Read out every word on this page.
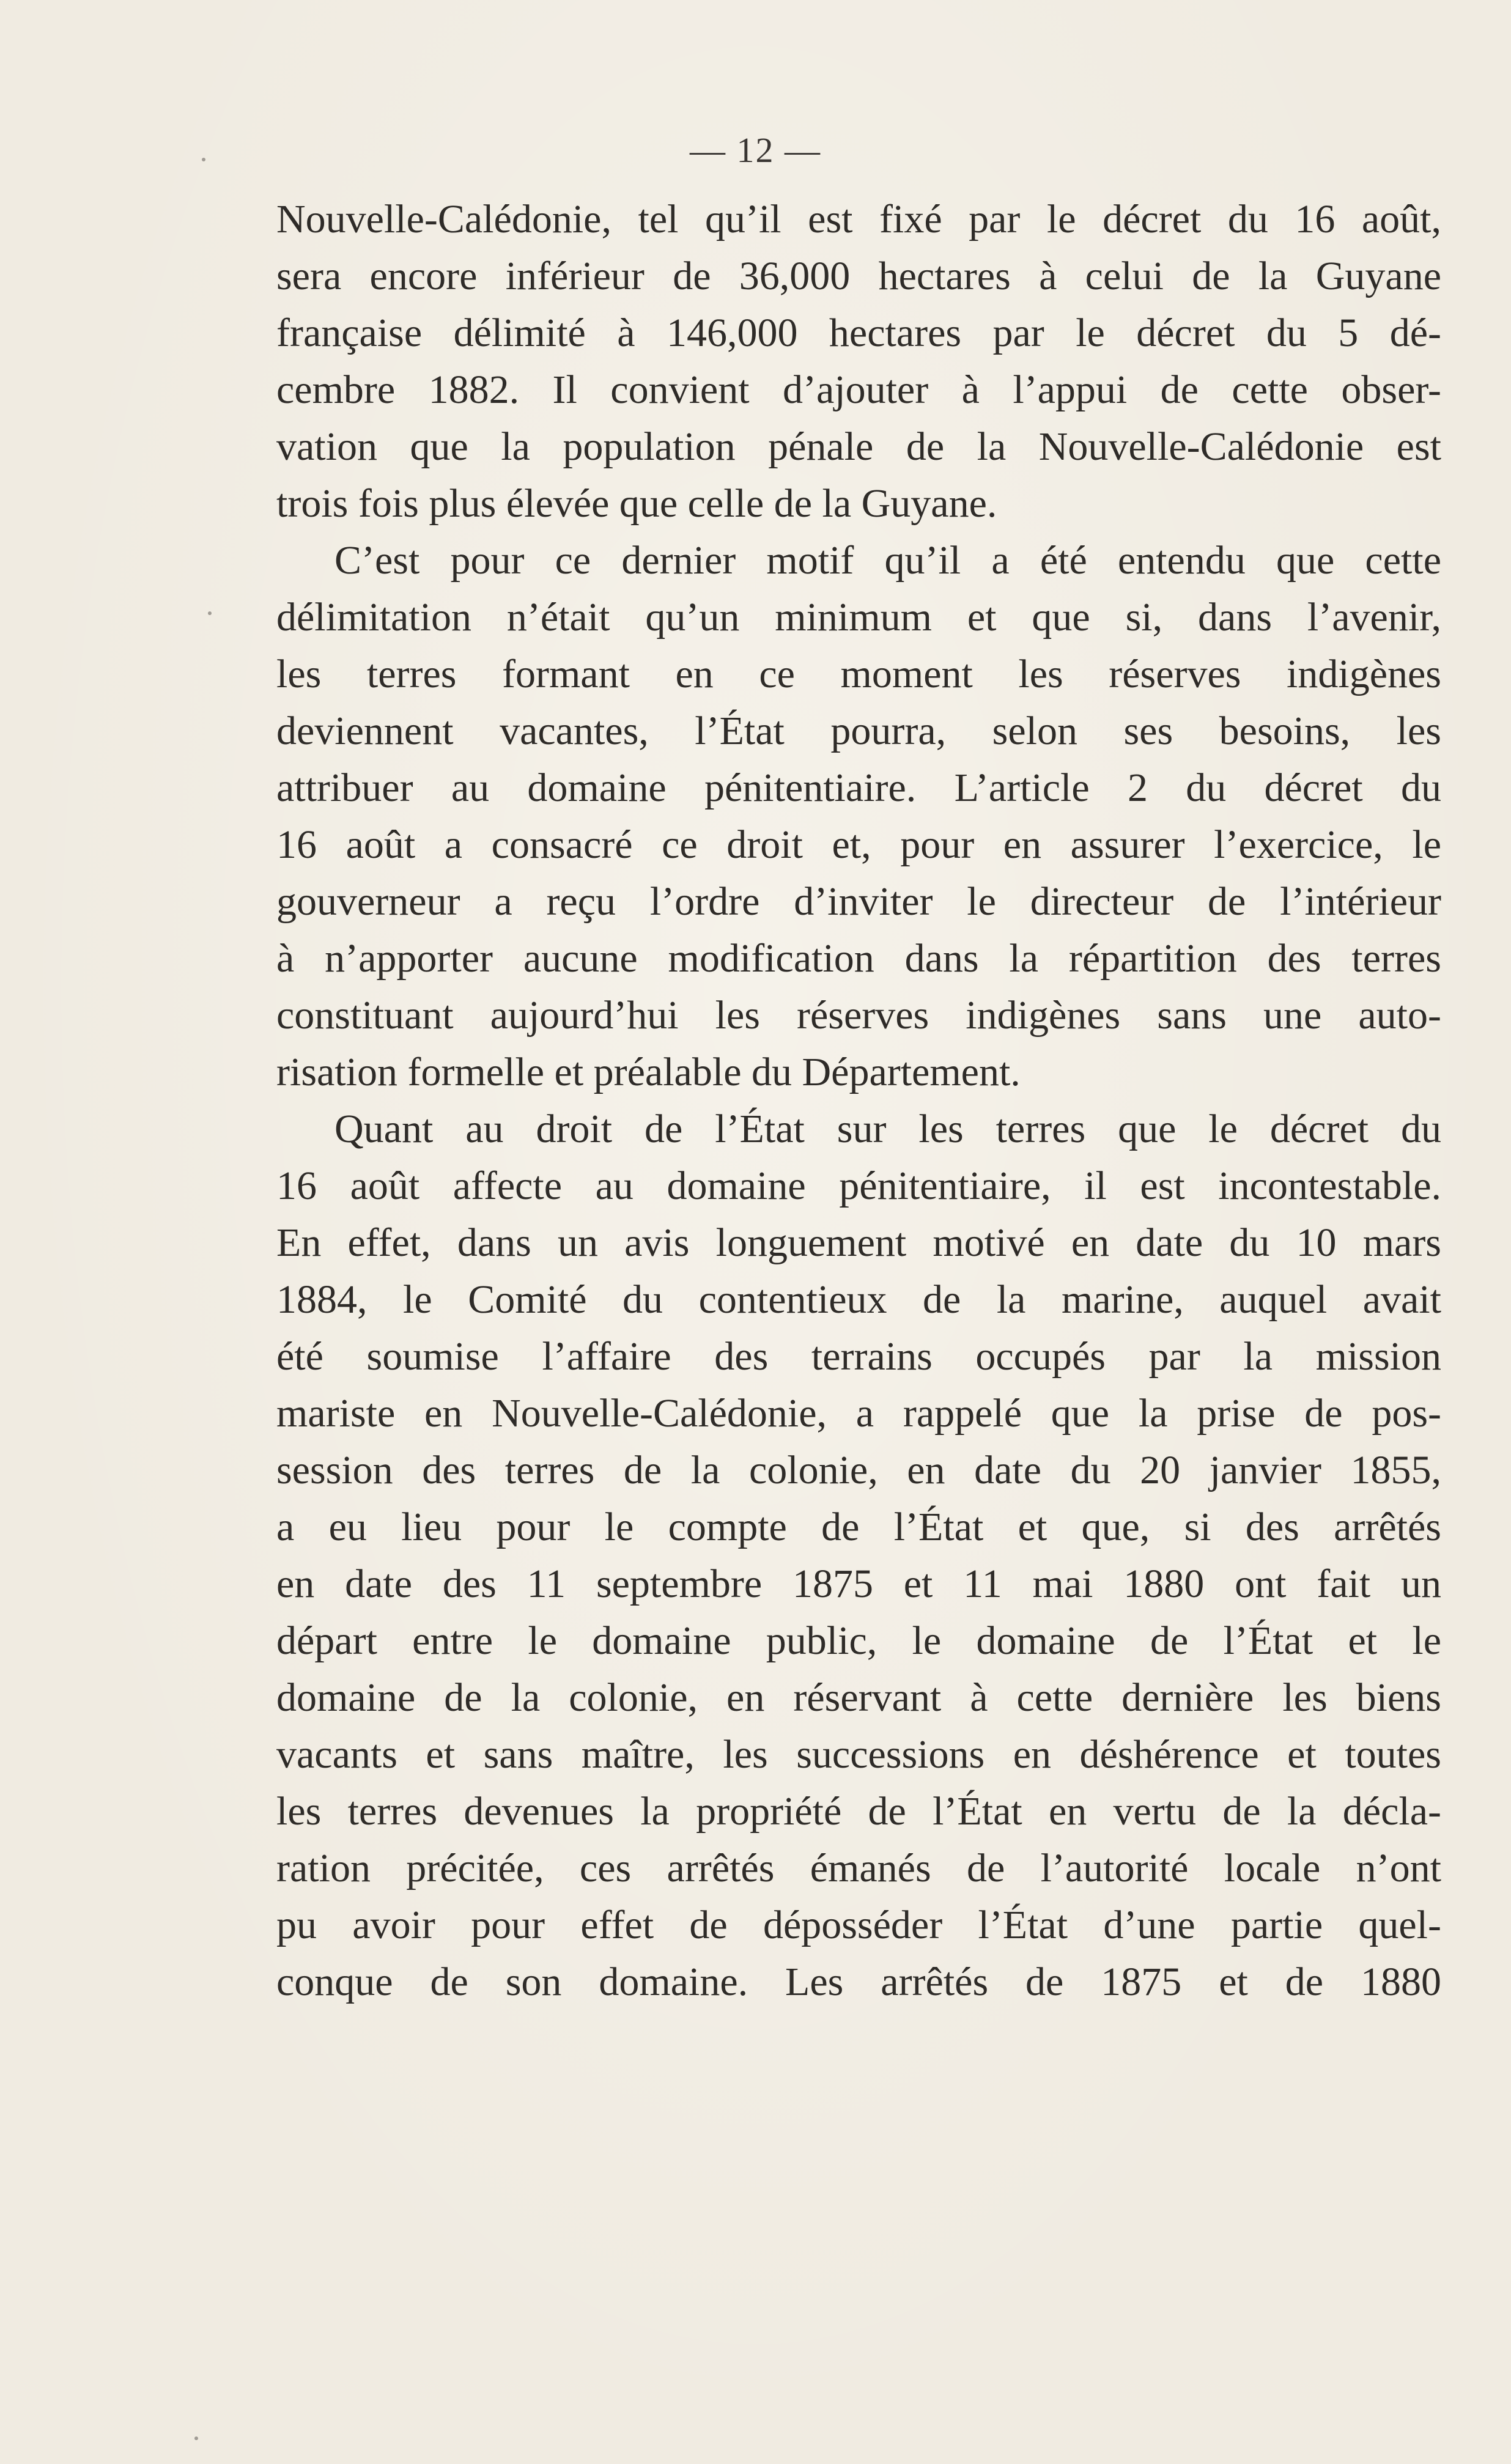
— 12 —
Nouvelle-Calédonie, tel qu’il est fixé par le décret du 16 août,
sera encore inférieur de 36,000 hectares à celui de la Guyane
française délimité à 146,000 hectares par le décret du 5 dé-
cembre 1882. Il convient d’ajouter à l’appui de cette obser-
vation que la population pénale de la Nouvelle-Calédonie est
trois fois plus élevée que celle de la Guyane.
C’est pour ce dernier motif qu’il a été entendu que cette
délimitation n’était qu’un minimum et que si, dans l’avenir,
les terres formant en ce moment les réserves indigènes
deviennent vacantes, l’État pourra, selon ses besoins, les
attribuer au domaine pénitentiaire. L’article 2 du décret du
16 août a consacré ce droit et, pour en assurer l’exercice, le
gouverneur a reçu l’ordre d’inviter le directeur de l’intérieur
à n’apporter aucune modification dans la répartition des terres
constituant aujourd’hui les réserves indigènes sans une auto-
risation formelle et préalable du Département.
Quant au droit de l’État sur les terres que le décret du
16 août affecte au domaine pénitentiaire, il est incontestable.
En effet, dans un avis longuement motivé en date du 10 mars
1884, le Comité du contentieux de la marine, auquel avait
été soumise l’affaire des terrains occupés par la mission
mariste en Nouvelle-Calédonie, a rappelé que la prise de pos-
session des terres de la colonie, en date du 20 janvier 1855,
a eu lieu pour le compte de l’État et que, si des arrêtés
en date des 11 septembre 1875 et 11 mai 1880 ont fait un
départ entre le domaine public, le domaine de l’État et le
domaine de la colonie, en réservant à cette dernière les biens
vacants et sans maître, les successions en déshérence et toutes
les terres devenues la propriété de l’État en vertu de la décla-
ration précitée, ces arrêtés émanés de l’autorité locale n’ont
pu avoir pour effet de déposséder l’État d’une partie quel-
conque de son domaine. Les arrêtés de 1875 et de 1880
